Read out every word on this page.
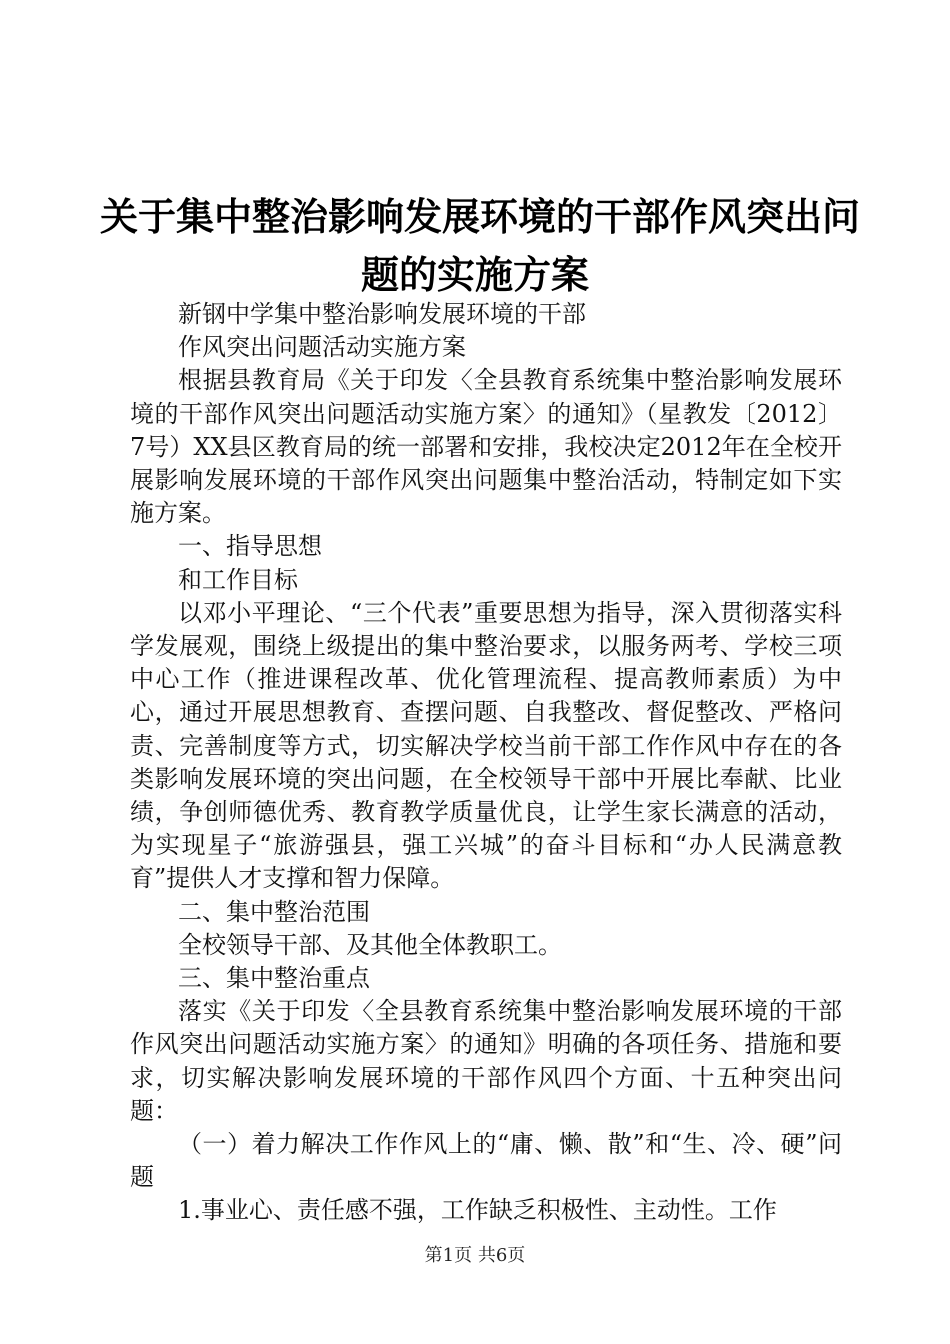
关于集中整治影响发展环境的干部作风突出问
题的实施方案

新钢中学集中整治影响发展环境的干部

作风突出问题活动实施方案

根据县教育局《关于印发〈全县教育系统集中整治影响发展环境的干部作风突出问题活动实施方案〉的通知》（星教发〔2012〕7号）XX县区教育局的统一部署和安排，我校决定2012年在全校开展影响发展环境的干部作风突出问题集中整治活动，特制定如下实施方案。

一、指导思想

和工作目标

以邓小平理论、“三个代表”重要思想为指导，深入贯彻落实科学发展观，围绕上级提出的集中整治要求，以服务两考、学校三项中心工作（推进课程改革、优化管理流程、提高教师素质）为中心，通过开展思想教育、查摆问题、自我整改、督促整改、严格问责、完善制度等方式，切实解决学校当前干部工作作风中存在的各类影响发展环境的突出问题，在全校领导干部中开展比奉献、比业绩，争创师德优秀、教育教学质量优良，让学生家长满意的活动，为实现星子“旅游强县，强工兴城”的奋斗目标和“办人民满意教育”提供人才支撑和智力保障。

二、集中整治范围

全校领导干部、及其他全体教职工。

三、集中整治重点

落实《关于印发〈全县教育系统集中整治影响发展环境的干部作风突出问题活动实施方案〉的通知》明确的各项任务、措施和要求，切实解决影响发展环境的干部作风四个方面、十五种突出问题：

（一）着力解决工作作风上的“庸、懒、散”和“生、冷、硬”问题

1.事业心、责任感不强，工作缺乏积极性、主动性。工作

第1页 共6页
